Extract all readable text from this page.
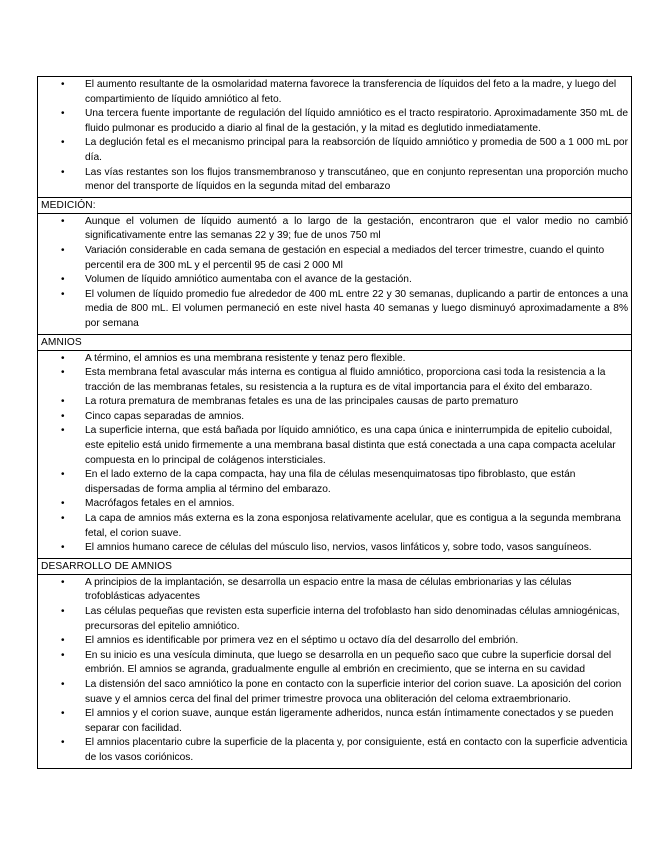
• El aumento resultante de la osmolaridad materna favorece la transferencia de líquidos del feto a la madre, y luego del compartimiento de líquido amniótico al feto.
• Una tercera fuente importante de regulación del líquido amniótico es el tracto respiratorio. Aproximadamente 350 mL de fluido pulmonar es producido a diario al final de la gestación, y la mitad es deglutido inmediatamente.
• La deglución fetal es el mecanismo principal para la reabsorción de líquido amniótico y promedia de 500 a 1 000 mL por día.
• Las vías restantes son los flujos transmembranoso y transcutáneo, que en conjunto representan una proporción mucho menor del transporte de líquidos en la segunda mitad del embarazo
MEDICIÓN:
• Aunque el volumen de líquido aumentó a lo largo de la gestación, encontraron que el valor medio no cambió significativamente entre las semanas 22 y 39; fue de unos 750 ml
• Variación considerable en cada semana de gestación en especial a mediados del tercer trimestre, cuando el quinto percentil era de 300 mL y el percentil 95 de casi 2 000 Ml
• Volumen de líquido amniótico aumentaba con el avance de la gestación.
• El volumen de líquido promedio fue alrededor de 400 mL entre 22 y 30 semanas, duplicando a partir de entonces a una media de 800 mL. El volumen permaneció en este nivel hasta 40 semanas y luego disminuyó aproximadamente a 8% por semana
AMNIOS
• A término, el amnios es una membrana resistente y tenaz pero flexible.
• Esta membrana fetal avascular más interna es contigua al fluido amniótico, proporciona casi toda la resistencia a la tracción de las membranas fetales, su resistencia a la ruptura es de vital importancia para el éxito del embarazo.
• La rotura prematura de membranas fetales es una de las principales causas de parto prematuro
• Cinco capas separadas de amnios.
• La superficie interna, que está bañada por líquido amniótico, es una capa única e ininterrumpida de epitelio cuboidal, este epitelio está unido firmemente a una membrana basal distinta que está conectada a una capa compacta acelular compuesta en lo principal de colágenos intersticiales.
• En el lado externo de la capa compacta, hay una fila de células mesenquimatosas tipo fibroblasto, que están dispersadas de forma amplia al término del embarazo.
• Macrófagos fetales en el amnios.
• La capa de amnios más externa es la zona esponjosa relativamente acelular, que es contigua a la segunda membrana fetal, el corion suave.
• El amnios humano carece de células del músculo liso, nervios, vasos linfáticos y, sobre todo, vasos sanguíneos.
DESARROLLO DE AMNIOS
• A principios de la implantación, se desarrolla un espacio entre la masa de células embrionarias y las células trofoblásticas adyacentes
• Las células pequeñas que revisten esta superficie interna del trofoblasto han sido denominadas células amniogénicas, precursoras del epitelio amniótico.
• El amnios es identificable por primera vez en el séptimo u octavo día del desarrollo del embrión.
• En su inicio es una vesícula diminuta, que luego se desarrolla en un pequeño saco que cubre la superficie dorsal del embrión. El amnios se agranda, gradualmente engulle al embrión en crecimiento, que se interna en su cavidad
• La distensión del saco amniótico la pone en contacto con la superficie interior del corion suave. La aposición del corion suave y el amnios cerca del final del primer trimestre provoca una obliteración del celoma extraembrionario.
• El amnios y el corion suave, aunque están ligeramente adheridos, nunca están íntimamente conectados y se pueden separar con facilidad.
• El amnios placentario cubre la superficie de la placenta y, por consiguiente, está en contacto con la superficie adventicia de los vasos coriónicos.
